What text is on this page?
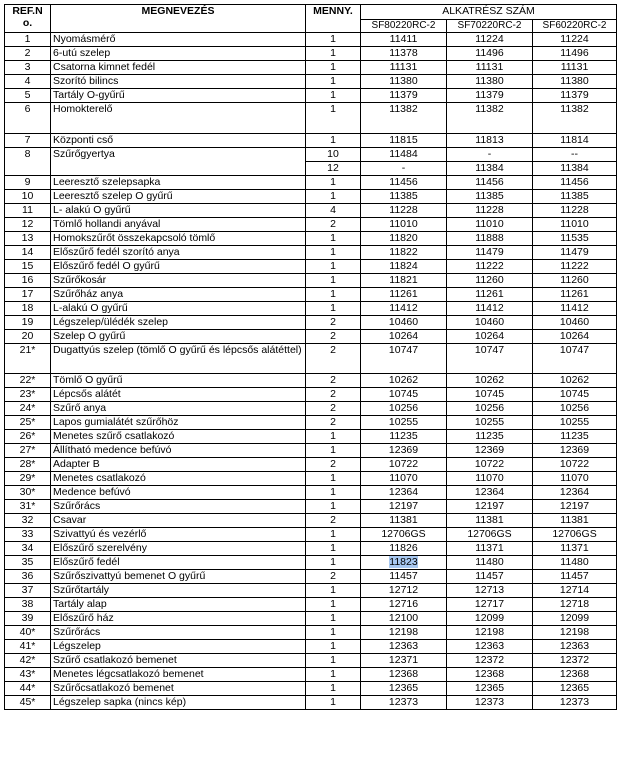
REF.N
o.	MEGNEVEZÉS	MENNY.	ALKATRÉSZ SZÁM		
			SF80220RC-2	SF70220RC-2	SF60220RC-2
1	Nyomásmérő	1	11411	11224	11224
2	6-utú szelep	1	11378	11496	11496
3	Csatorna kimnet fedél	1	11131	11131	11131
4	Szorító bilincs	1	11380	11380	11380
5	Tartály O-gyűrű	1	11379	11379	11379
6	Homokterelő	1	11382	11382	11382
7	Központi cső	1	11815	11813	11814
8	Szűrőgyertya	10	11484	-	--
		12	-	11384	11384
9	Leeresztő szelepsapka	1	11456	11456	11456
10	Leeresztő szelep O gyűrű	1	11385	11385	11385
11	L- alakú O gyűrű	4	11228	11228	11228
12	Tömlő hollandi anyával	2	11010	11010	11010
13	Homokszűrőt összekapcsoló tömlő	1	11820	11888	11535
14	Előszűrő fedél szorító anya	1	11822	11479	11479
15	Előszűrő fedél O gyűrű	1	11824	11222	11222
16	Szűrőkosár	1	11821	11260	11260
17	Szűrőház anya	1	11261	11261	11261
18	L-alakú O gyűrű	1	11412	11412	11412
19	Légszelep/ülédék szelep	2	10460	10460	10460
20	Szelep O gyűrű	2	10264	10264	10264
21*	Dugattyús szelep (tömlő O gyűrű és lépcsős alátéttel)	2	10747	10747	10747
22*	Tömlő O gyűrű	2	10262	10262	10262
23*	Lépcsős alátét	2	10745	10745	10745
24*	Szűrő anya	2	10256	10256	10256
25*	Lapos gumialátét szűrőhöz	2	10255	10255	10255
26*	Menetes szűrő csatlakozó	1	11235	11235	11235
27*	Állítható medence befúvó	1	12369	12369	12369
28*	Adapter B	2	10722	10722	10722
29*	Menetes csatlakozó	1	11070	11070	11070
30*	Medence befúvó	1	12364	12364	12364
31*	Szűrőrács	1	12197	12197	12197
32	Csavar	2	11381	11381	11381
33	Szivattyú és vezérlő	1	12706GS	12706GS	12706GS
34	Előszűrő szerelvény	1	11826	11371	11371
35	Előszűrő fedél	1	11823	11480	11480
36	Szűrőszivattyú bemenet O gyűrű	2	11457	11457	11457
37	Szűrőtartály	1	12712	12713	12714
38	Tartály alap	1	12716	12717	12718
39	Előszűrő ház	1	12100	12099	12099
40*	Szűrőrács	1	12198	12198	12198
41*	Légszelep	1	12363	12363	12363
42*	Szűrő csatlakozó bemenet	1	12371	12372	12372
43*	Menetes légcsatlakozó bemenet	1	12368	12368	12368
44*	Szűrőcsatlakozó bemenet	1	12365	12365	12365
45*	Légszelep sapka (nincs kép)	1	12373	12373	12373
